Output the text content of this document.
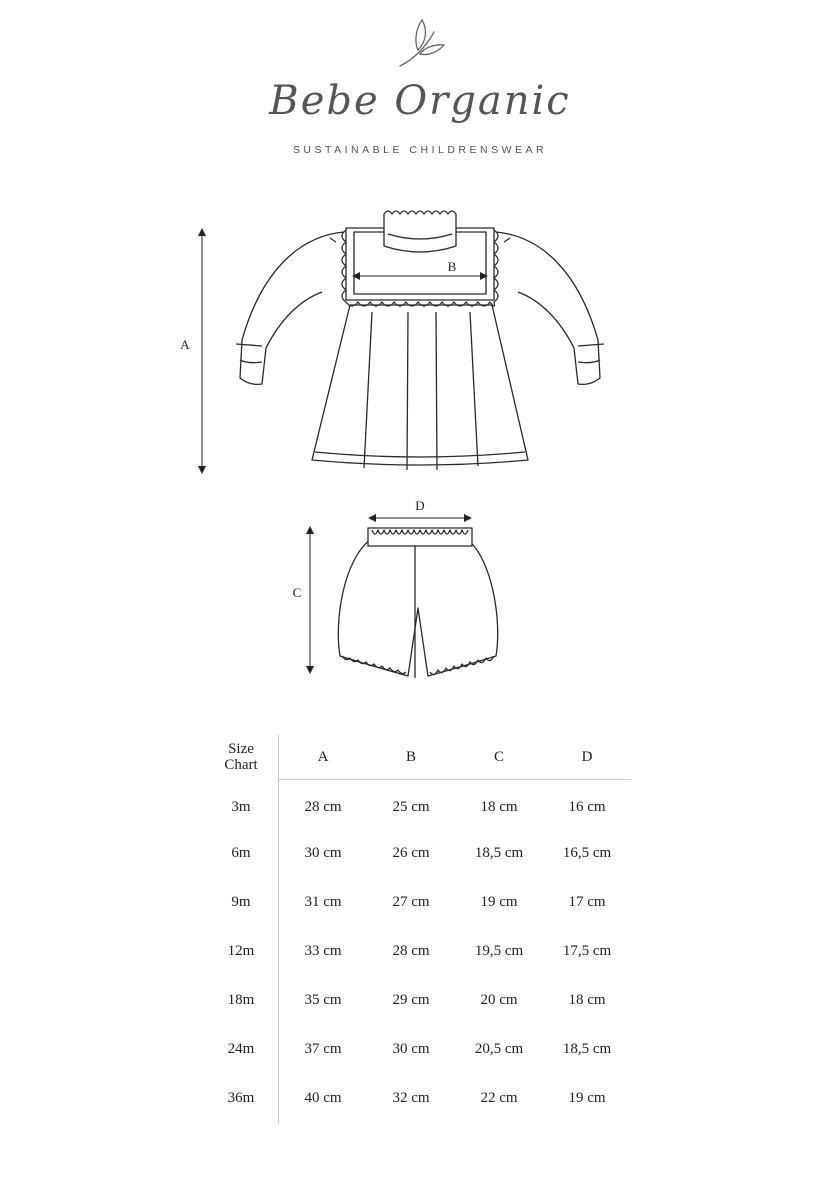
Bebe Organic
SUSTAINABLE CHILDRENSWEAR
B
A
D
C
Size
Chart	A	B	C	D
3m	28 cm	25 cm	18 cm	16 cm
6m	30 cm	26 cm	18,5 cm	16,5 cm
9m	31 cm	27 cm	19 cm	17 cm
12m	33 cm	28 cm	19,5 cm	17,5 cm
18m	35 cm	29 cm	20 cm	18 cm
24m	37 cm	30 cm	20,5 cm	18,5 cm
36m	40 cm	32 cm	22 cm	19 cm
